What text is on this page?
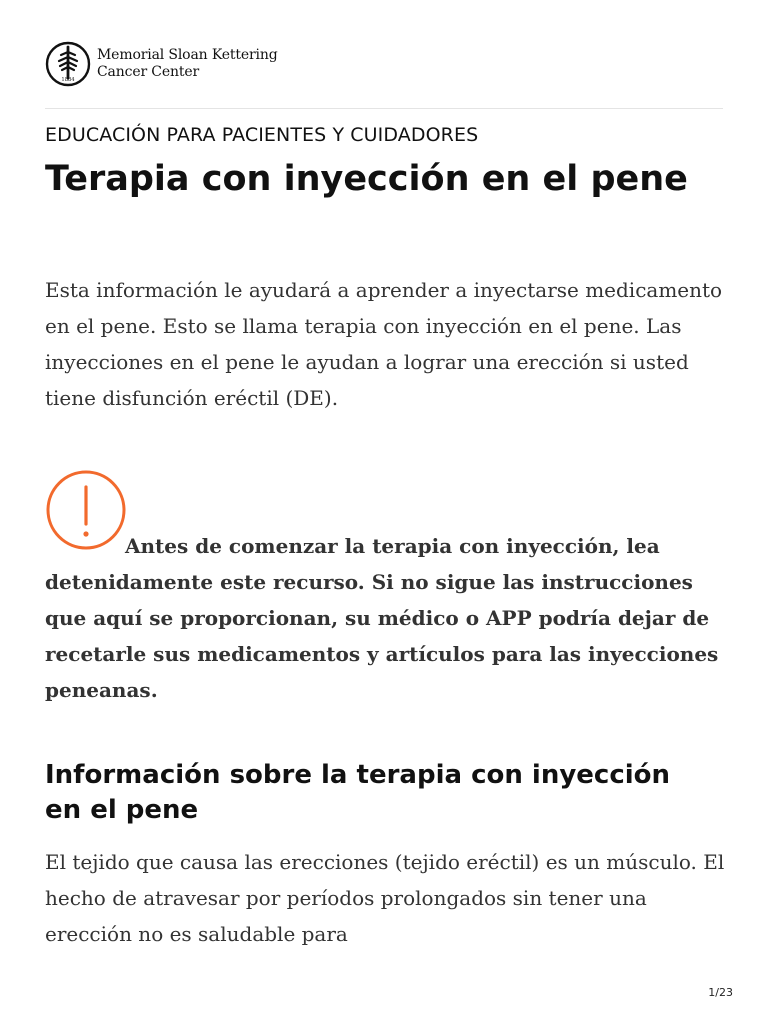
1884
Memorial Sloan Kettering
Cancer Center

EDUCACIÓN PARA PACIENTES Y CUIDADORES

Terapia con inyección en el pene

Esta información le ayudará a aprender a inyectarse medicamento en el pene. Esto se llama terapia con inyección en el pene. Las inyecciones en el pene le ayudan a lograr una erección si usted tiene disfunción eréctil (DE).

Antes de comenzar la terapia con inyección, lea detenidamente este recurso. Si no sigue las instrucciones que aquí se proporcionan, su médico o APP podría dejar de recetarle sus medicamentos y artículos para las inyecciones peneanas.

Información sobre la terapia con inyección en el pene

El tejido que causa las erecciones (tejido eréctil) es un músculo. El hecho de atravesar por períodos prolongados sin tener una erección no es saludable para

1/23
